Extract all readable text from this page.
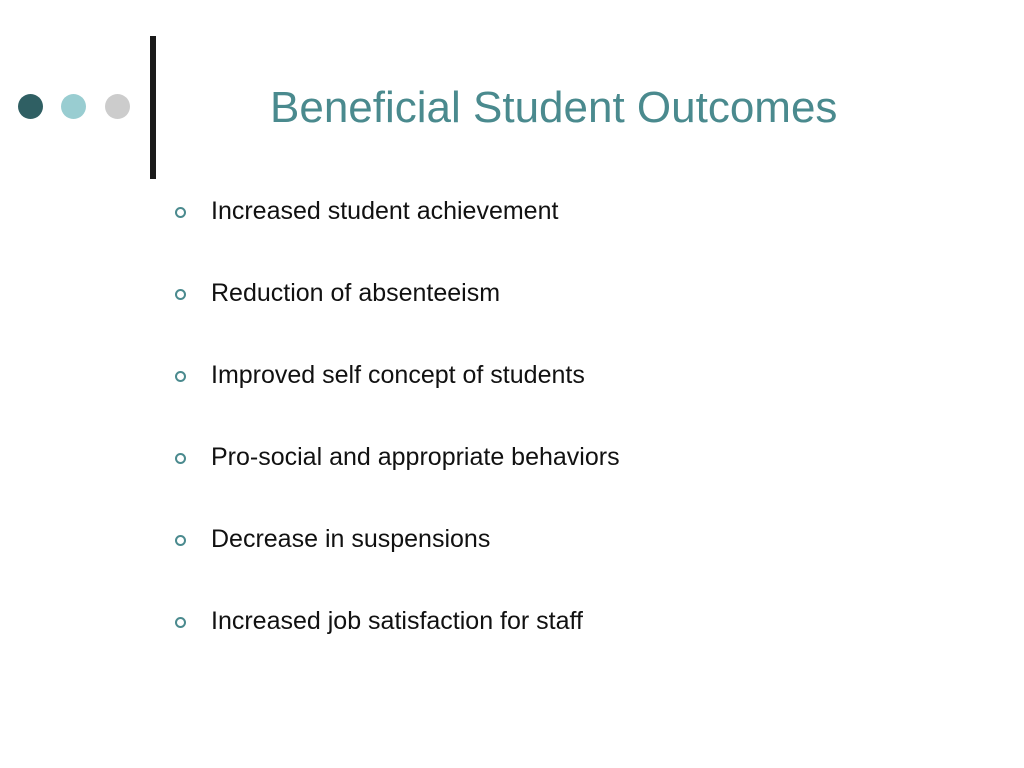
Beneficial Student Outcomes
Increased student achievement
Reduction of absenteeism
Improved self concept of students
Pro-social and appropriate behaviors
Decrease in suspensions
Increased job satisfaction for staff
